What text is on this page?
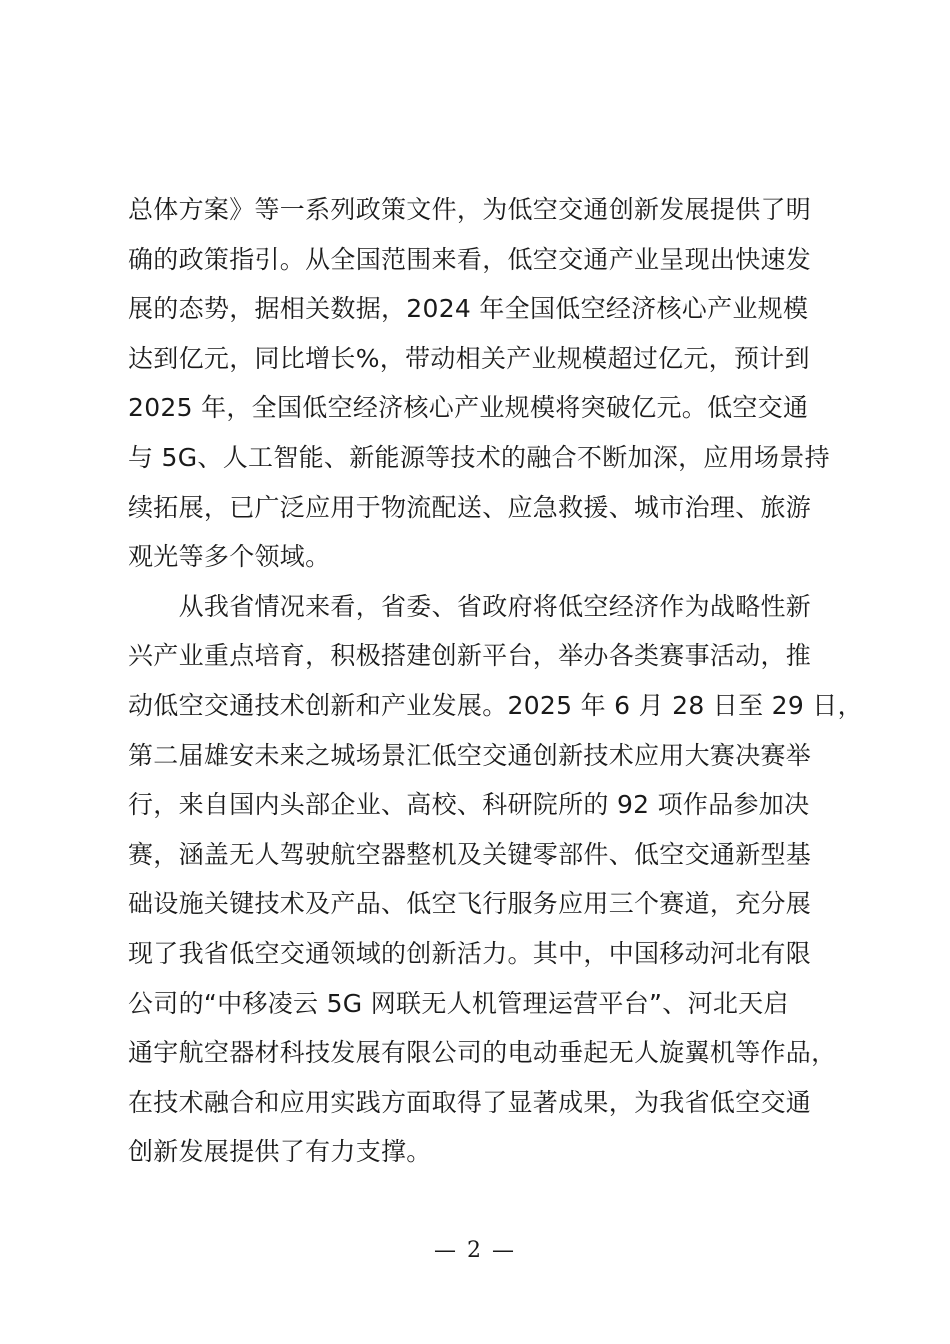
总体方案》等一系列政策文件，为低空交通创新发展提供了明
确的政策指引。从全国范围来看，低空交通产业呈现出快速发
展的态势，据相关数据，2024 年全国低空经济核心产业规模
达到亿元，同比增长%，带动相关产业规模超过亿元，预计到
2025 年，全国低空经济核心产业规模将突破亿元。低空交通
与 5G、人工智能、新能源等技术的融合不断加深，应用场景持
续拓展，已广泛应用于物流配送、应急救援、城市治理、旅游
观光等多个领域。
　　从我省情况来看，省委、省政府将低空经济作为战略性新
兴产业重点培育，积极搭建创新平台，举办各类赛事活动，推
动低空交通技术创新和产业发展。2025 年 6 月 28 日至 29 日，
第二届雄安未来之城场景汇低空交通创新技术应用大赛决赛举
行，来自国内头部企业、高校、科研院所的 92 项作品参加决
赛，涵盖无人驾驶航空器整机及关键零部件、低空交通新型基
础设施关键技术及产品、低空飞行服务应用三个赛道，充分展
现了我省低空交通领域的创新活力。其中，中国移动河北有限
公司的“中移凌云 5G 网联无人机管理运营平台”、河北天启
通宇航空器材科技发展有限公司的电动垂起无人旋翼机等作品，
在技术融合和应用实践方面取得了显著成果，为我省低空交通
创新发展提供了有力支撑。
— 2 —
